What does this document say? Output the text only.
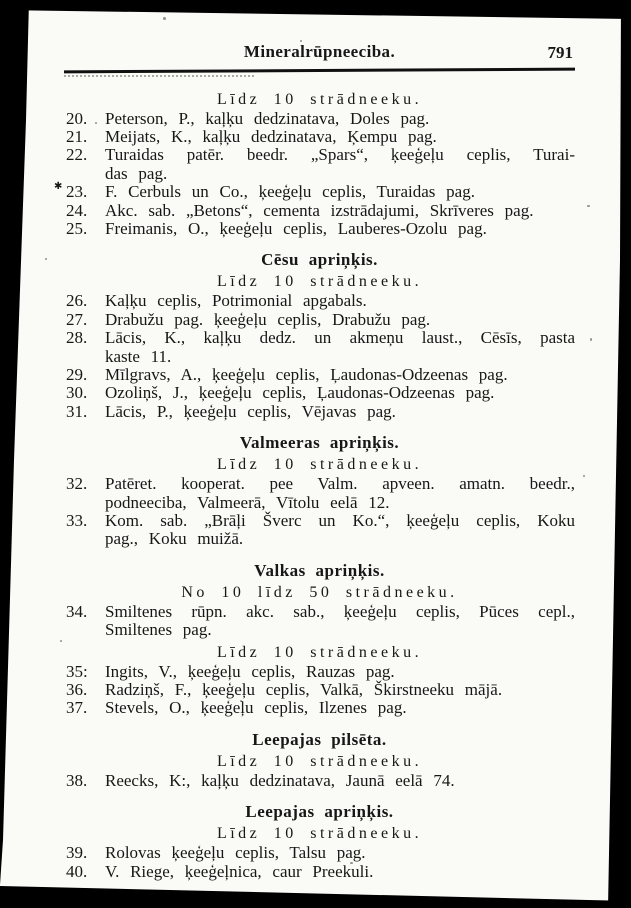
Mineralrūpneeciba.	791
Līdz 10 strādneeku.
20.	Peterson, P., kaļķu dedzinatava, Doles pag.
21.	Meijats, K., kaļķu dedzinatava, Ķempu pag.
22.	Turaidas patēr. beedr. „Spars“, ķeeģeļu ceplis, Turai-
das pag.
✱ 23.	F. Cerbuls un Co., ķeeģeļu ceplis, Turaidas pag.
24.	Akc. sab. „Betons“, cementa izstrādajumi, Skrīveres pag.
25.	Freimanis, O., ķeeģeļu ceplis, Lauberes-Ozolu pag.
Cēsu apriņķis.
Līdz 10 strādneeku.
26.	Kaļķu ceplis, Potrimonial apgabals.
27.	Drabužu pag. ķeeģeļu ceplis, Drabužu pag.
28.	Lācis, K., kaļķu dedz. un akmeņu laust., Cēsīs, pasta
kaste 11.
29.	Mīlgravs, A., ķeeģeļu ceplis, Ļaudonas-Odzeenas pag.
30.	Ozoliņš, J., ķeeģeļu ceplis, Ļaudonas-Odzeenas pag.
31.	Lācis, P., ķeeģeļu ceplis, Vējavas pag.
Valmeeras apriņķis.
Līdz 10 strādneeku.
32.	Patēret. kooperat. pee Valm. apveen. amatn. beedr.,
podneeciba, Valmeerā, Vītolu eelā 12.
33.	Kom. sab. „Brāļi Šverc un Ko.“, ķeeģeļu ceplis, Koku
pag., Koku muižā.
Valkas apriņķis.
No 10 līdz 50 strādneeku.
34.	Smiltenes rūpn. akc. sab., ķeeģeļu ceplis, Pūces cepl.,
Smiltenes pag.
Līdz 10 strādneeku.
35:	Ingits, V., ķeeģeļu ceplis, Rauzas pag.
36.	Radziņš, F., ķeeģeļu ceplis, Valkā, Škirstneeku mājā.
37.	Stevels, O., ķeeģeļu ceplis, Ilzenes pag.
Leepajas pilsēta.
Līdz 10 strādneeku.
38.	Reecks, K:, kaļķu dedzinatava, Jaunā eelā 74.
Leepajas apriņķis.
Līdz 10 strādneeku.
39.	Rolovas ķeeģeļu ceplis, Talsu pag.
40.	V. Riege, ķeeģeļnica, caur Preekuli.
